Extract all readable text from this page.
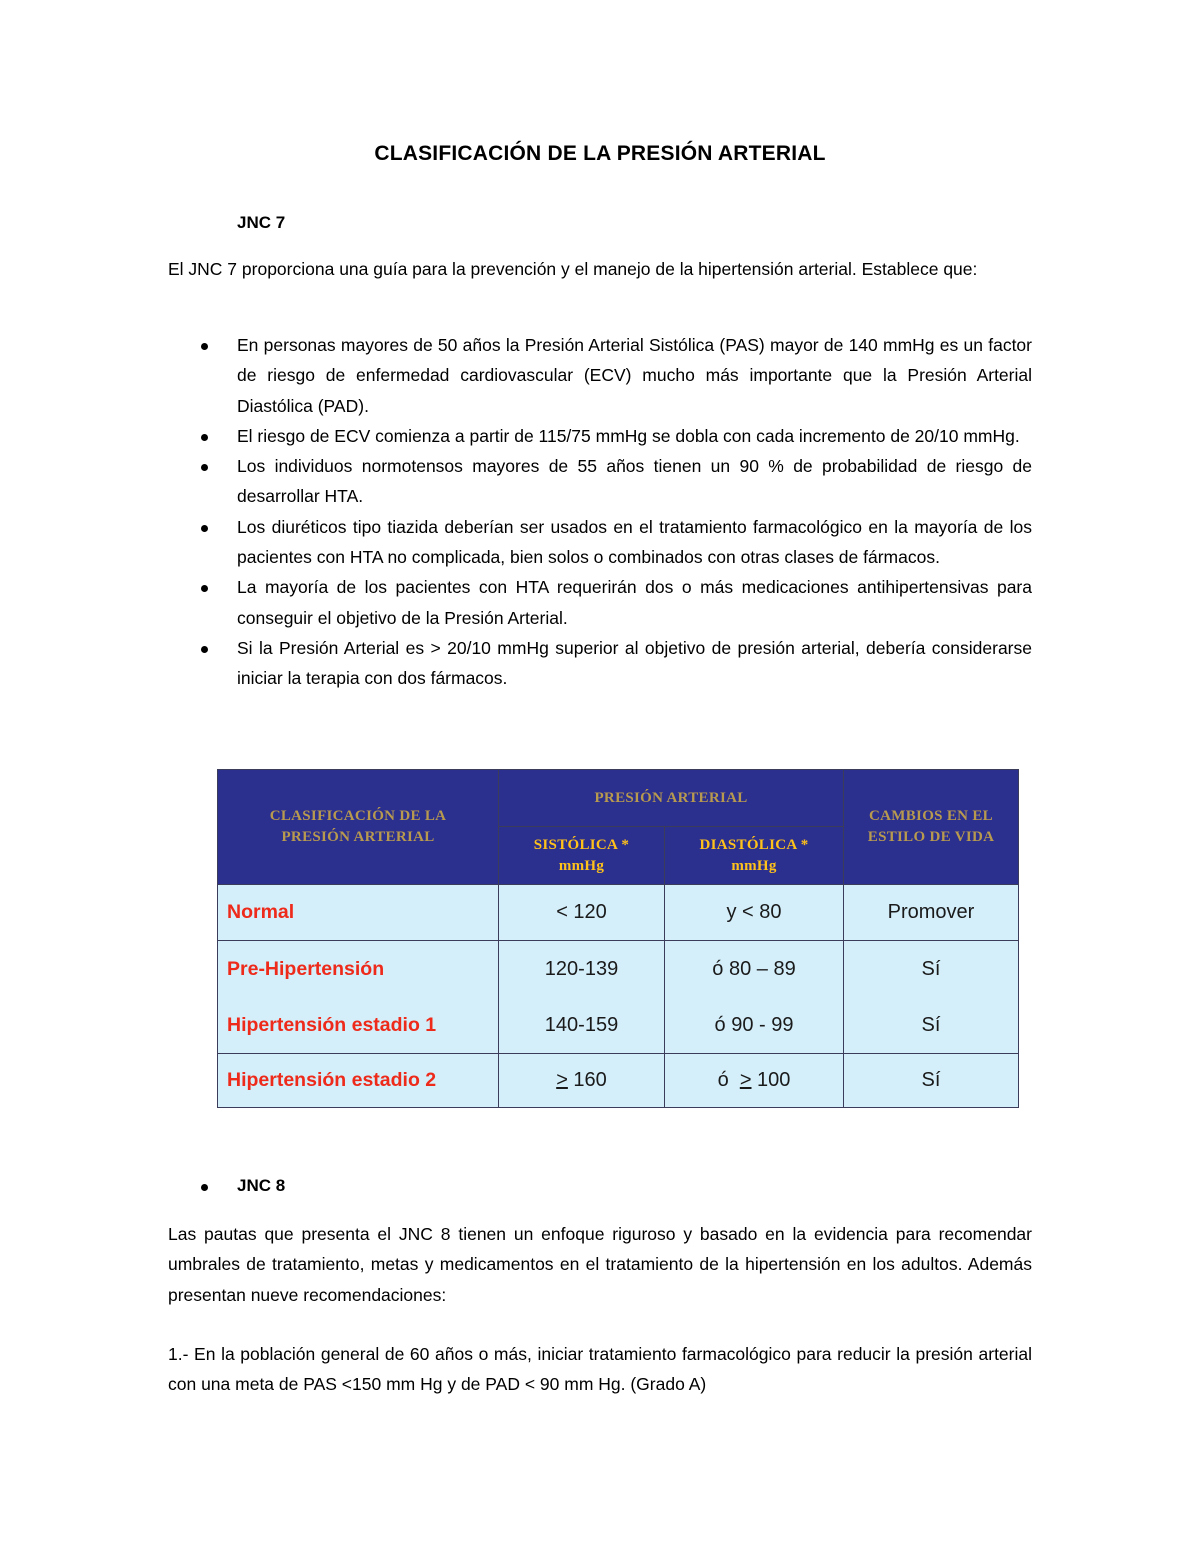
CLASIFICACIÓN DE LA PRESIÓN ARTERIAL
JNC 7
El JNC 7 proporciona una guía para la prevención y el manejo de la hipertensión arterial. Establece que:
En personas mayores de 50 años la Presión Arterial Sistólica (PAS) mayor de 140 mmHg es un factor de riesgo de enfermedad cardiovascular (ECV) mucho más importante que la Presión Arterial Diastólica (PAD).
El riesgo de ECV comienza a partir de 115/75 mmHg se dobla con cada incremento de 20/10 mmHg.
Los individuos normotensos mayores de 55 años tienen un 90 % de probabilidad de riesgo de desarrollar HTA.
Los diuréticos tipo tiazida deberían ser usados en el tratamiento farmacológico en la mayoría de los pacientes con HTA no complicada, bien solos o combinados con otras clases de fármacos.
La mayoría de los pacientes con HTA requerirán dos o más medicaciones antihipertensivas para conseguir el objetivo de la Presión Arterial.
Si la Presión Arterial es > 20/10 mmHg superior al objetivo de presión arterial, debería considerarse iniciar la terapia con dos fármacos.
CLASIFICACIÓN DE LA PRESIÓN ARTERIAL	PRESIÓN ARTERIAL		CAMBIOS EN EL ESTILO DE VIDA
	SISTÓLICA * mmHg	DIASTÓLICA * mmHg	
Normal	< 120	y < 80	Promover
Pre-Hipertensión	120-139	ó 80 – 89	Sí
Hipertensión estadio 1	140-159	ó 90 - 99	Sí
Hipertensión estadio 2	≥ 160	ó  ≥ 100	Sí
JNC 8
Las pautas que presenta el JNC 8 tienen un enfoque riguroso y basado en la evidencia para recomendar umbrales de tratamiento, metas y medicamentos en el tratamiento de la hipertensión en los adultos. Además presentan nueve recomendaciones:
1.- En la población general de 60 años o más, iniciar tratamiento farmacológico para reducir la presión arterial con una meta de PAS <150 mm Hg y de PAD < 90 mm Hg. (Grado A)
